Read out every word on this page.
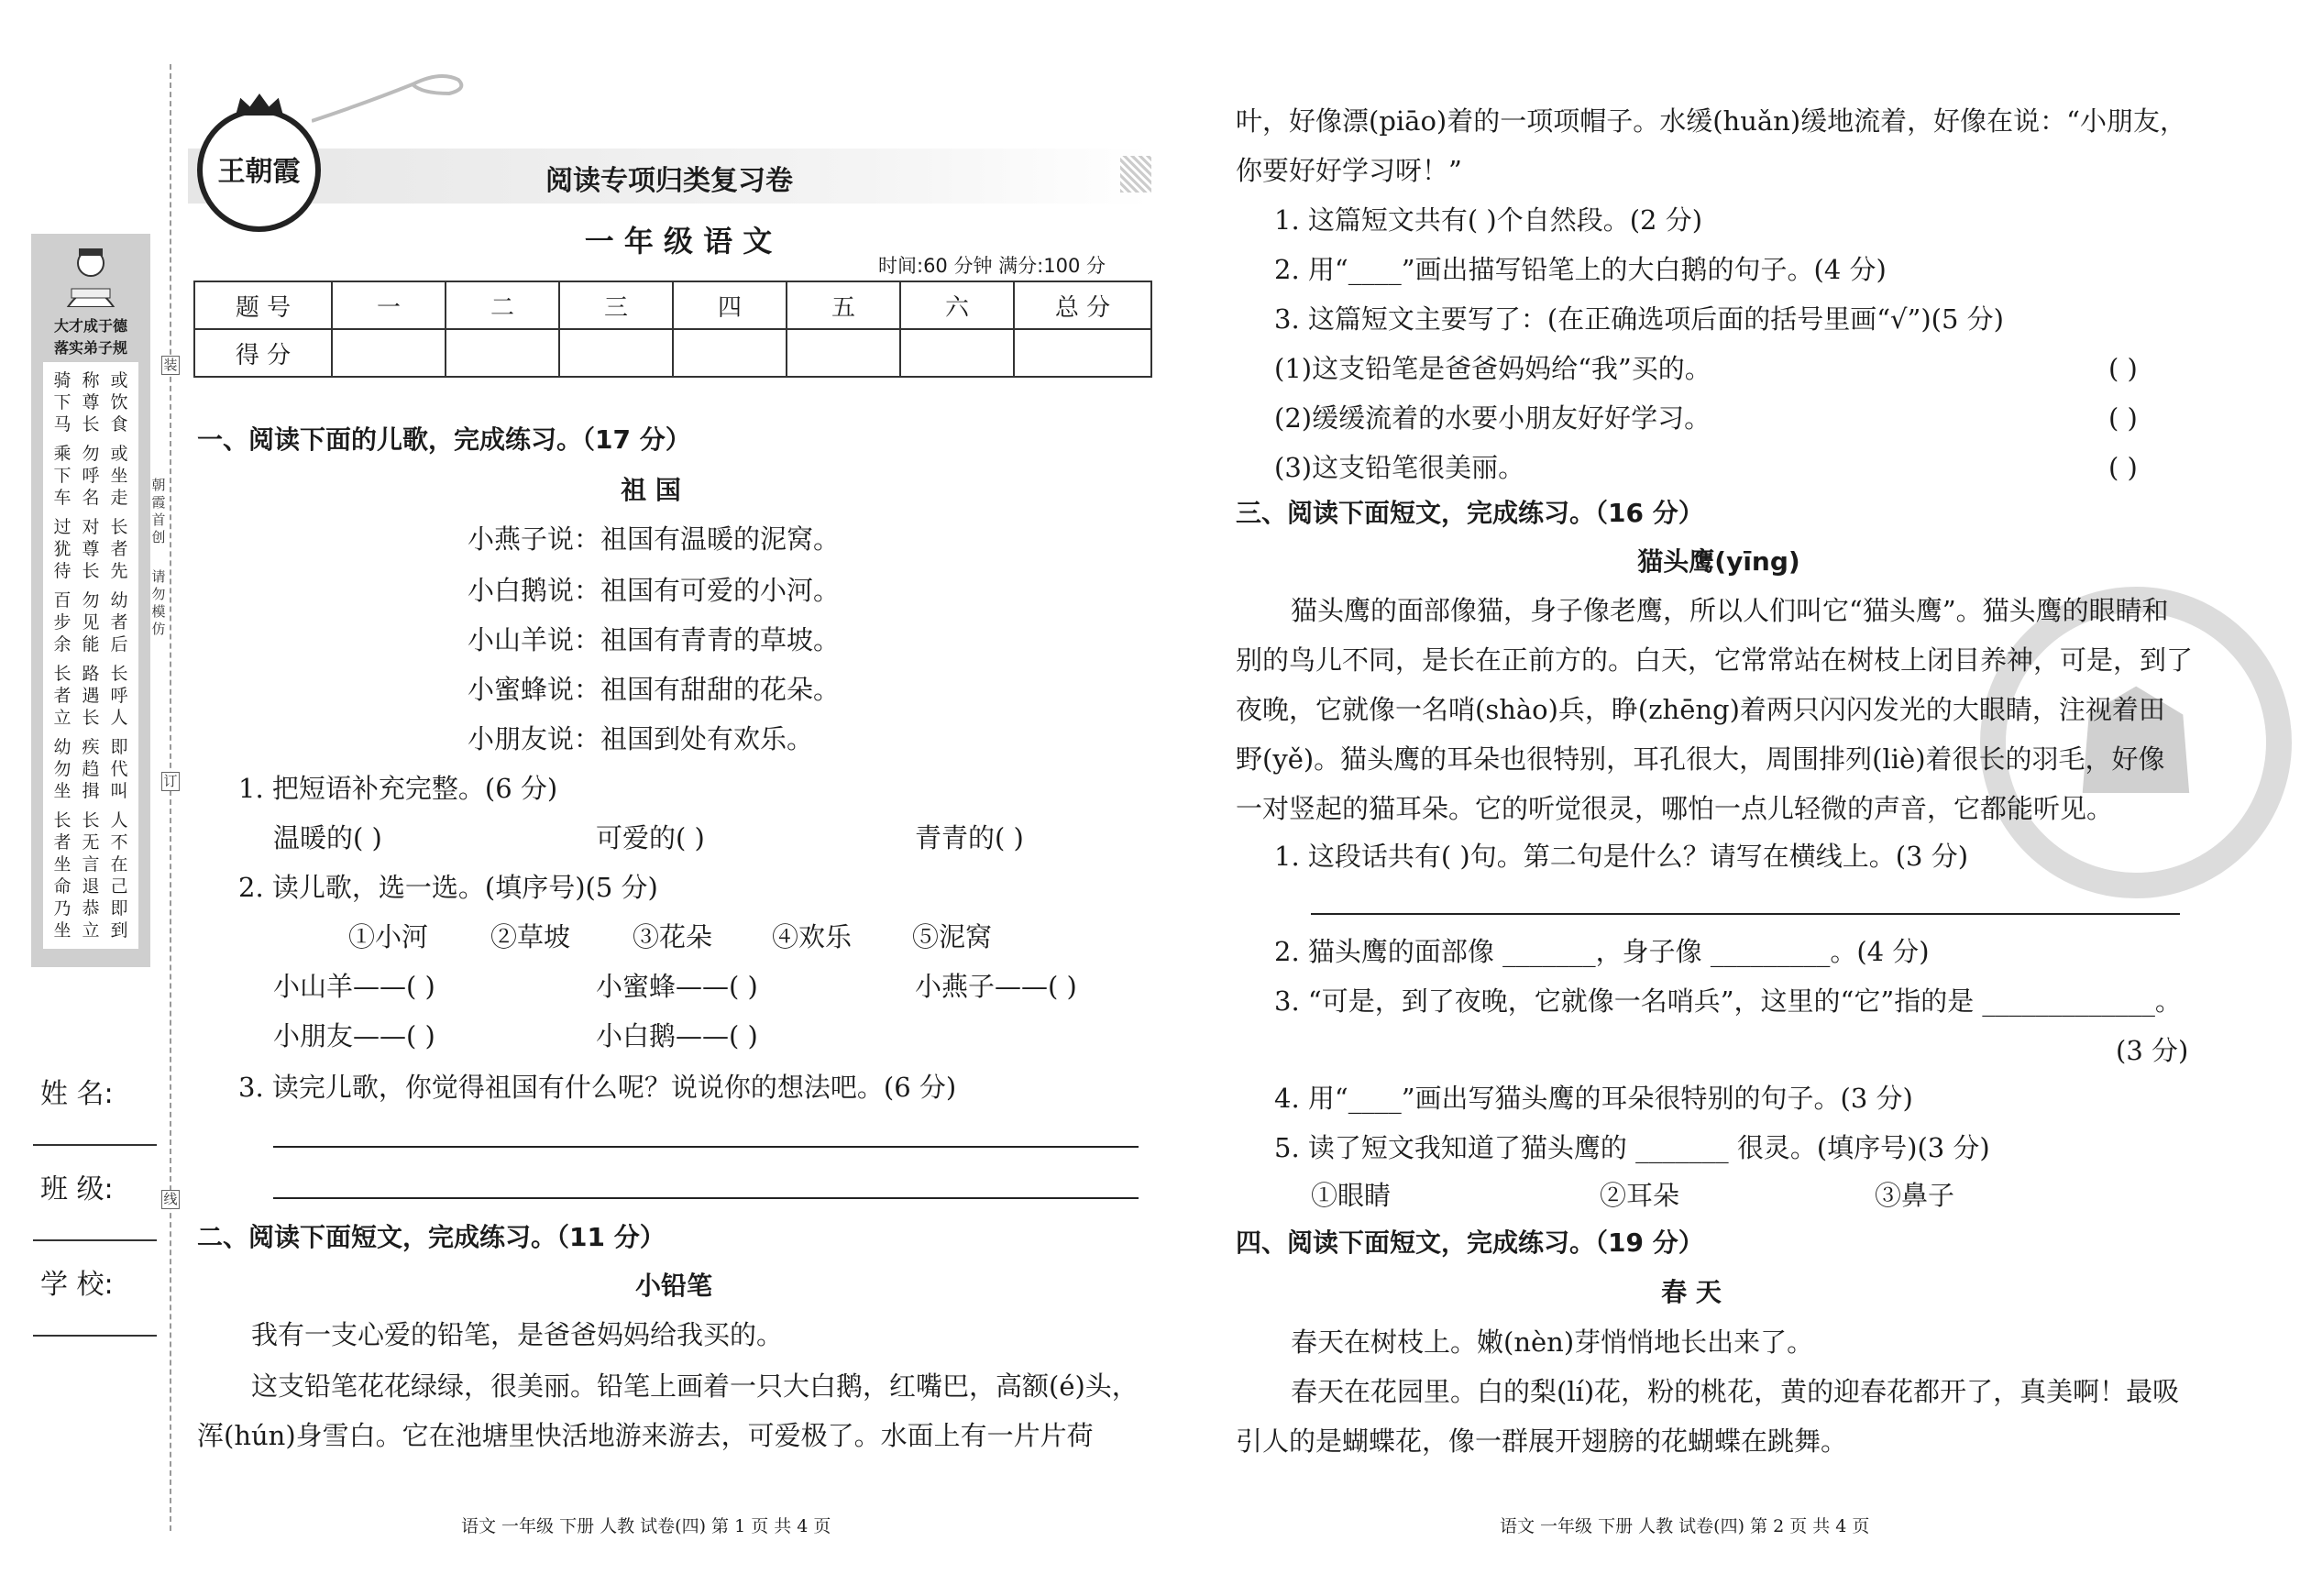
大才成于德
落实弟子规
或饮食
称尊长
骑下马
或坐走
勿呼名
乘下车
长者先
对尊长
过犹待
幼者后
勿见能
百步余
长呼人
路遇长
长者立
即代叫
疾趋揖
幼勿坐
人不在
长无言
长者坐
己即到
退恭立
命乃坐
装
订
线
朝霞首创
请勿模仿
姓 名:
班 级:
学 校:
王朝霞	阅读专项归类复习卷
一 年 级 语 文
时间:60 分钟 满分:100 分
题 号	一	二	三	四	五	六	总 分
得 分							
一、阅读下面的儿歌，完成练习。（17 分）
祖 国
小燕子说：祖国有温暖的泥窝。
小白鹅说：祖国有可爱的小河。
小山羊说：祖国有青青的草坡。
小蜜蜂说：祖国有甜甜的花朵。
小朋友说：祖国到处有欢乐。
1. 把短语补充完整。(6 分)
温暖的( )	可爱的( )	青青的( )
2. 读儿歌，选一选。(填序号)(5 分)
①小河 ②草坡 ③花朵 ④欢乐 ⑤泥窝
小山羊——( )	小蜜蜂——( )	小燕子——( )
小朋友——( )	小白鹅——( )
3. 读完儿歌，你觉得祖国有什么呢？说说你的想法吧。(6 分)
二、阅读下面短文，完成练习。（11 分）
小铅笔
我有一支心爱的铅笔，是爸爸妈妈给我买的。
这支铅笔花花绿绿，很美丽。铅笔上画着一只大白鹅，红嘴巴，高额(é)头，
浑(hún)身雪白。它在池塘里快活地游来游去，可爱极了。水面上有一片片荷
语文 一年级 下册 人教 试卷(四) 第 1 页 共 4 页
☗
叶，好像漂(piāo)着的一项项帽子。水缓(huǎn)缓地流着，好像在说：“小朋友，
你要好好学习呀！”
1. 这篇短文共有( )个自然段。(2 分)
2. 用“____”画出描写铅笔上的大白鹅的句子。(4 分)
3. 这篇短文主要写了：(在正确选项后面的括号里画“√”)(5 分)
(1)这支铅笔是爸爸妈妈给“我”买的。	( )
(2)缓缓流着的水要小朋友好好学习。	( )
(3)这支铅笔很美丽。	( )
三、阅读下面短文，完成练习。（16 分）
猫头鹰(yīng)
猫头鹰的面部像猫，身子像老鹰，所以人们叫它“猫头鹰”。猫头鹰的眼睛和
别的鸟儿不同，是长在正前方的。白天，它常常站在树枝上闭目养神，可是，到了
夜晚，它就像一名哨(shào)兵，睁(zhēng)着两只闪闪发光的大眼睛，注视着田
野(yě)。猫头鹰的耳朵也很特别，耳孔很大，周围排列(liè)着很长的羽毛，好像
一对竖起的猫耳朵。它的听觉很灵，哪怕一点儿轻微的声音，它都能听见。
1. 这段话共有( )句。第二句是什么？请写在横线上。(3 分)
2. 猫头鹰的面部像 _______，身子像 _________。(4 分)
3. “可是，到了夜晚，它就像一名哨兵”，这里的“它”指的是 _____________。
(3 分)
4. 用“____”画出写猫头鹰的耳朵很特别的句子。(3 分)
5. 读了短文我知道了猫头鹰的 _______ 很灵。(填序号)(3 分)
①眼睛	②耳朵	③鼻子
四、阅读下面短文，完成练习。（19 分）
春 天
春天在树枝上。嫩(nèn)芽悄悄地长出来了。
春天在花园里。白的梨(lí)花，粉的桃花，黄的迎春花都开了，真美啊！最吸
引人的是蝴蝶花，像一群展开翅膀的花蝴蝶在跳舞。
语文 一年级 下册 人教 试卷(四) 第 2 页 共 4 页
